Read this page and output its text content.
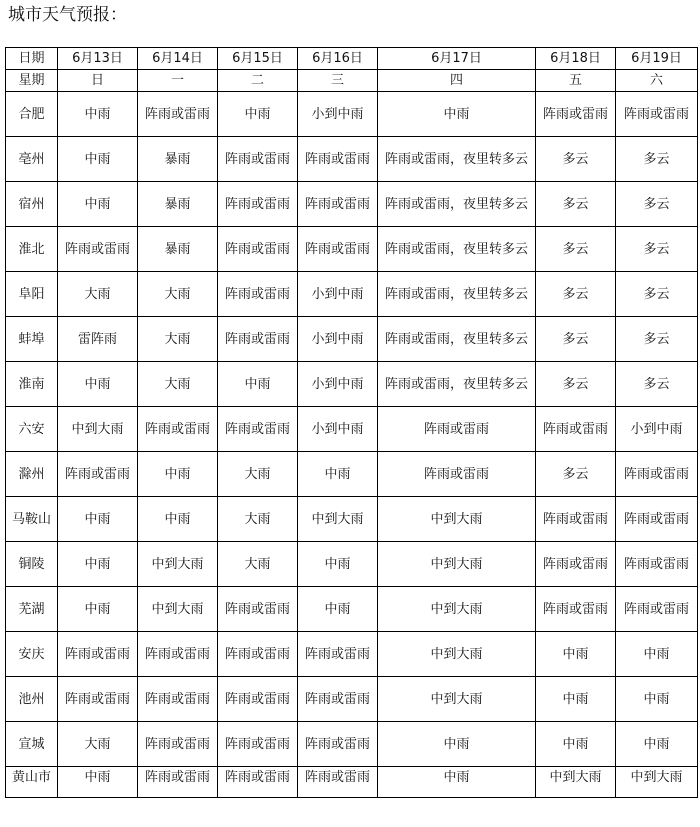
城市天气预报：
日期	6月13日	6月14日	6月15日	6月16日	6月17日	6月18日	6月19日
星期	日	一	二	三	四	五	六
合肥	中雨	阵雨或雷雨	中雨	小到中雨	中雨	阵雨或雷雨	阵雨或雷雨
亳州	中雨	暴雨	阵雨或雷雨	阵雨或雷雨	阵雨或雷雨，夜里转多云	多云	多云
宿州	中雨	暴雨	阵雨或雷雨	阵雨或雷雨	阵雨或雷雨，夜里转多云	多云	多云
淮北	阵雨或雷雨	暴雨	阵雨或雷雨	阵雨或雷雨	阵雨或雷雨，夜里转多云	多云	多云
阜阳	大雨	大雨	阵雨或雷雨	小到中雨	阵雨或雷雨，夜里转多云	多云	多云
蚌埠	雷阵雨	大雨	阵雨或雷雨	小到中雨	阵雨或雷雨，夜里转多云	多云	多云
淮南	中雨	大雨	中雨	小到中雨	阵雨或雷雨，夜里转多云	多云	多云
六安	中到大雨	阵雨或雷雨	阵雨或雷雨	小到中雨	阵雨或雷雨	阵雨或雷雨	小到中雨
滁州	阵雨或雷雨	中雨	大雨	中雨	阵雨或雷雨	多云	阵雨或雷雨
马鞍山	中雨	中雨	大雨	中到大雨	中到大雨	阵雨或雷雨	阵雨或雷雨
铜陵	中雨	中到大雨	大雨	中雨	中到大雨	阵雨或雷雨	阵雨或雷雨
芜湖	中雨	中到大雨	阵雨或雷雨	中雨	中到大雨	阵雨或雷雨	阵雨或雷雨
安庆	阵雨或雷雨	阵雨或雷雨	阵雨或雷雨	阵雨或雷雨	中到大雨	中雨	中雨
池州	阵雨或雷雨	阵雨或雷雨	阵雨或雷雨	阵雨或雷雨	中到大雨	中雨	中雨
宣城	大雨	阵雨或雷雨	阵雨或雷雨	阵雨或雷雨	中雨	中雨	中雨
黄山市	中雨	阵雨或雷雨	阵雨或雷雨	阵雨或雷雨	中雨	中到大雨	中到大雨
